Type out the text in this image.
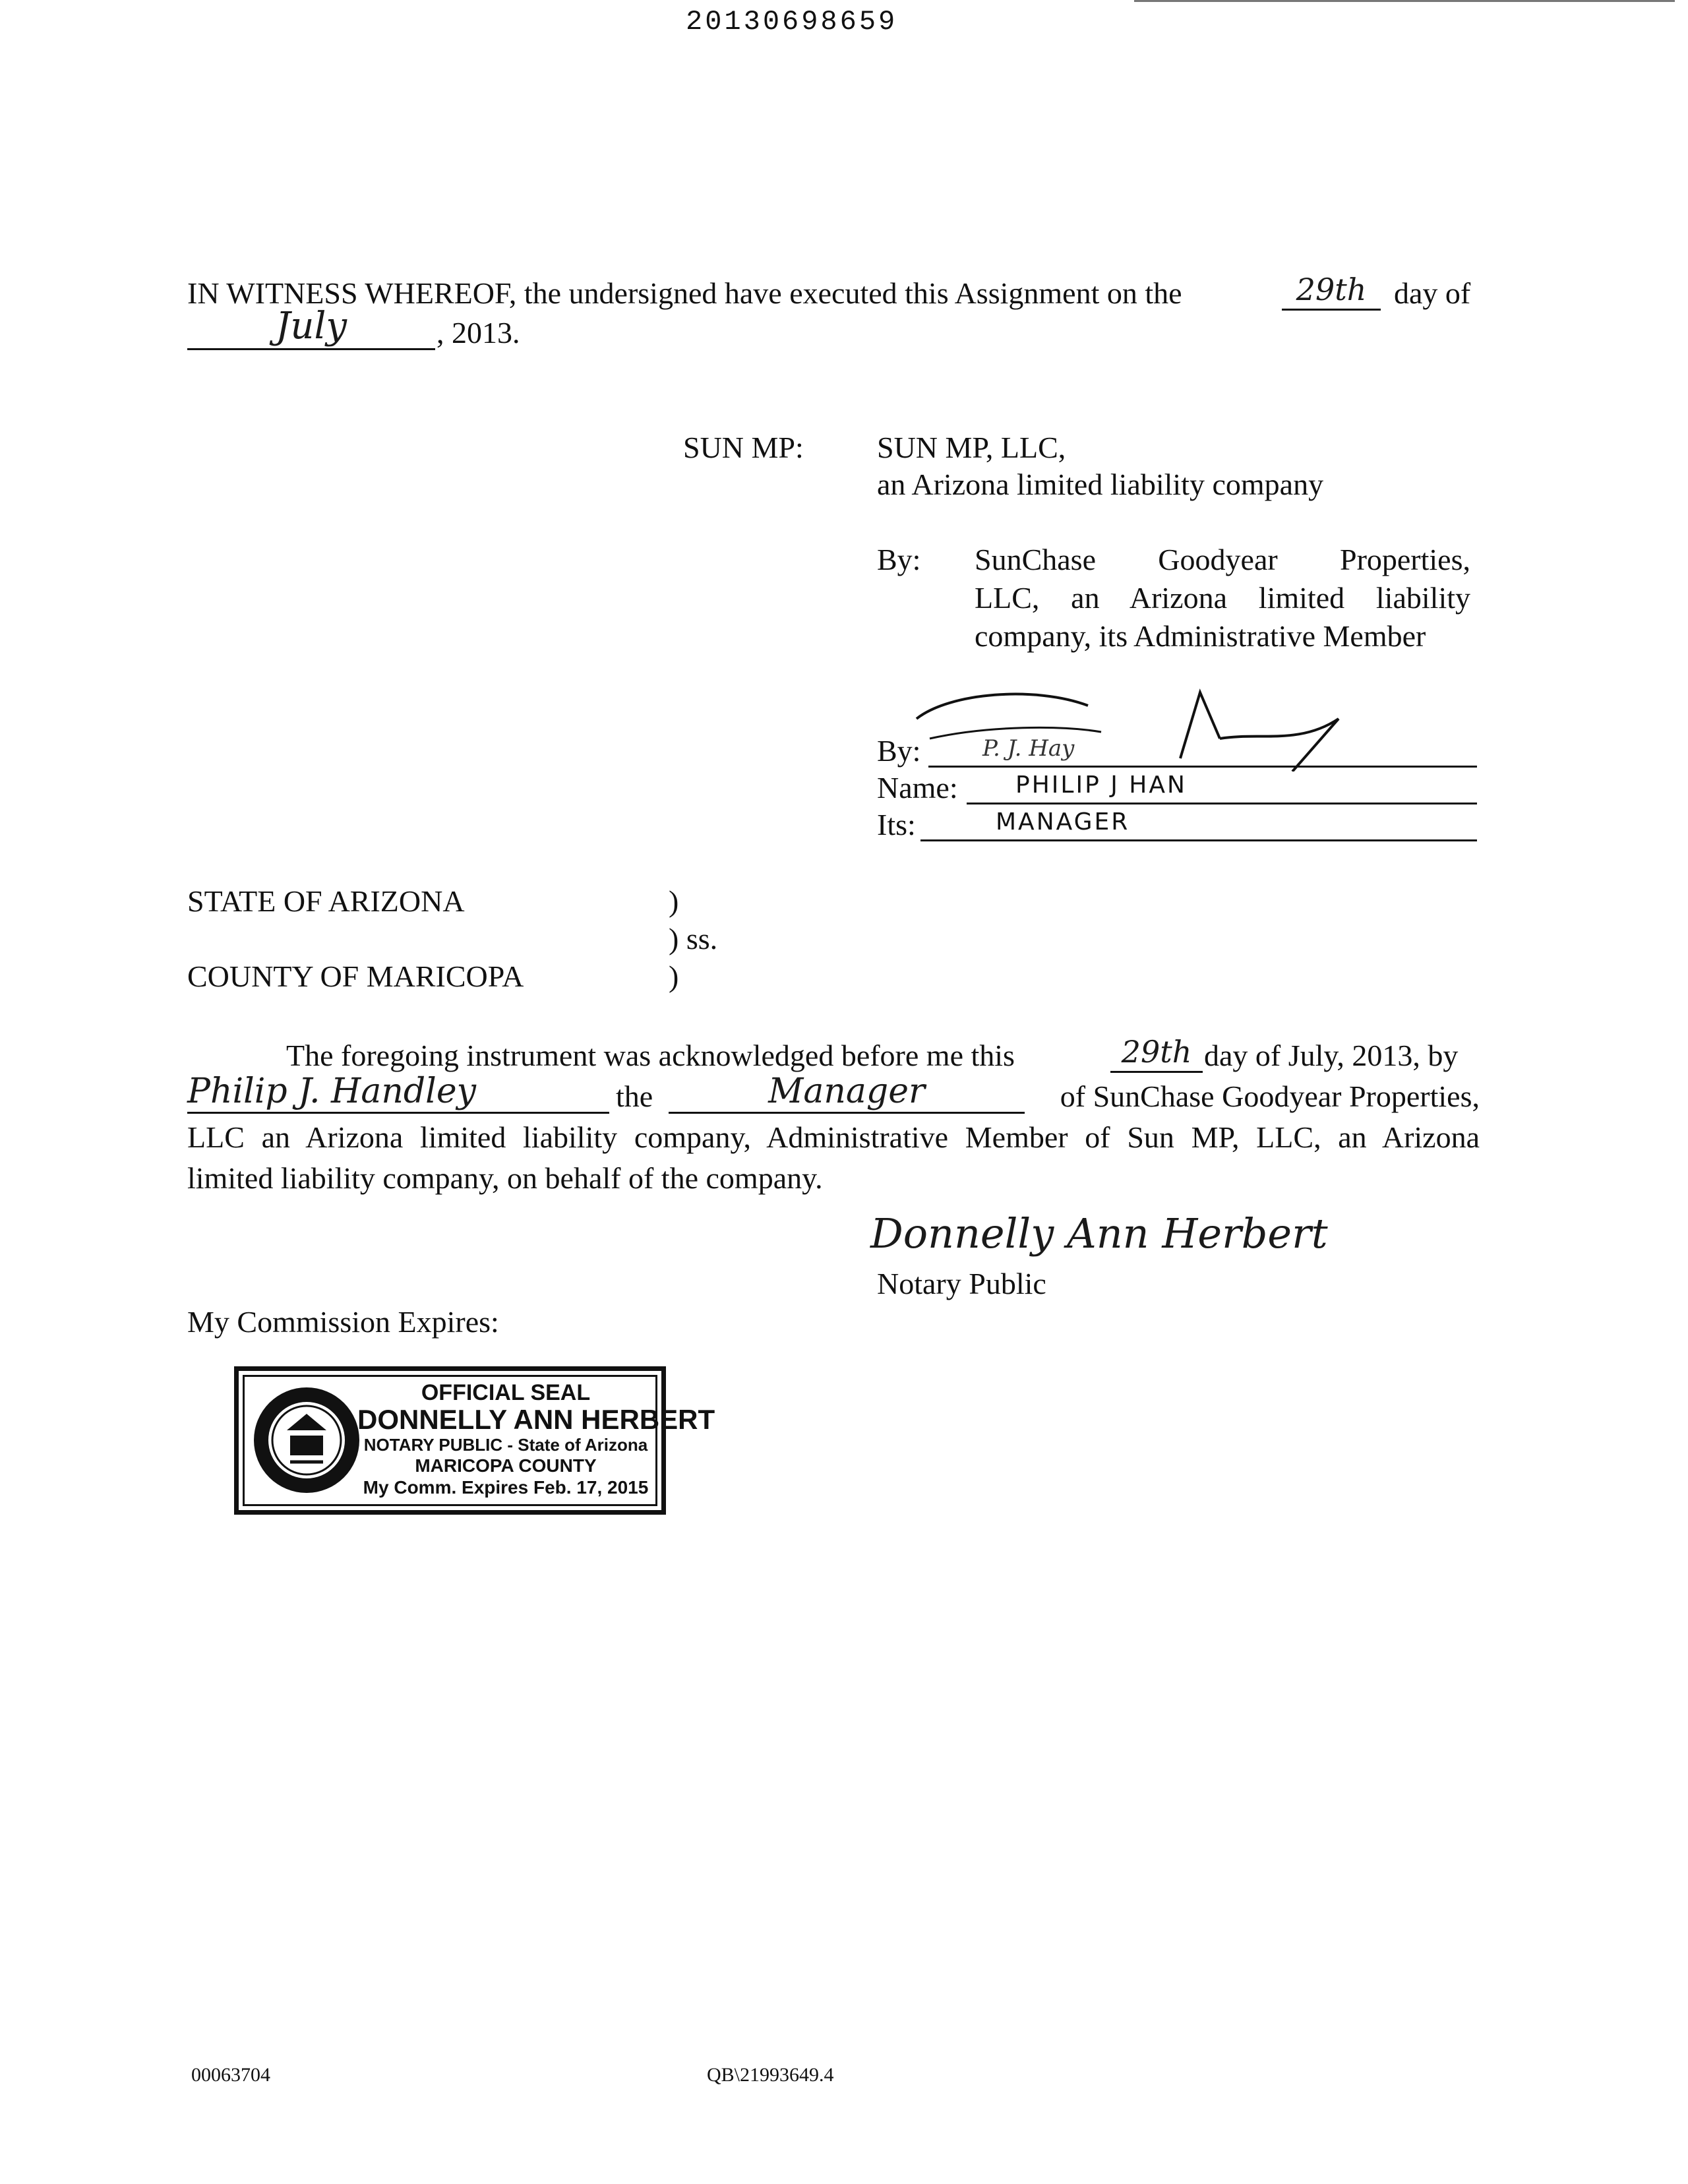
20130698659
IN WITNESS WHEREOF, the undersigned have executed this Assignment on the	29th day of
July	, 2013.
SUN MP: SUN MP, LLC,
an Arizona limited liability company
By: SunChase Goodyear Properties,
LLC, an Arizona limited liability
company, its Administrative Member
By:	P. J. Hay
Name: PHILIP J HAN
Its:	MANAGER
STATE OF ARIZONA
COUNTY OF MARICOPA
)
) ss.
)
The foregoing instrument was acknowledged before me this	29th day of July, 2013, by
Philip J. Handley	the	Manager	of SunChase Goodyear Properties,
LLC an Arizona limited liability company, Administrative Member of Sun MP, LLC, an Arizona
limited liability company, on behalf of the company.
Donnelly Ann Herbert
Notary Public
My Commission Expires:
OFFICIAL SEAL
DONNELLY ANN HERBERT
NOTARY PUBLIC - State of Arizona
MARICOPA COUNTY
My Comm. Expires Feb. 17, 2015
00063704	QB\21993649.4
